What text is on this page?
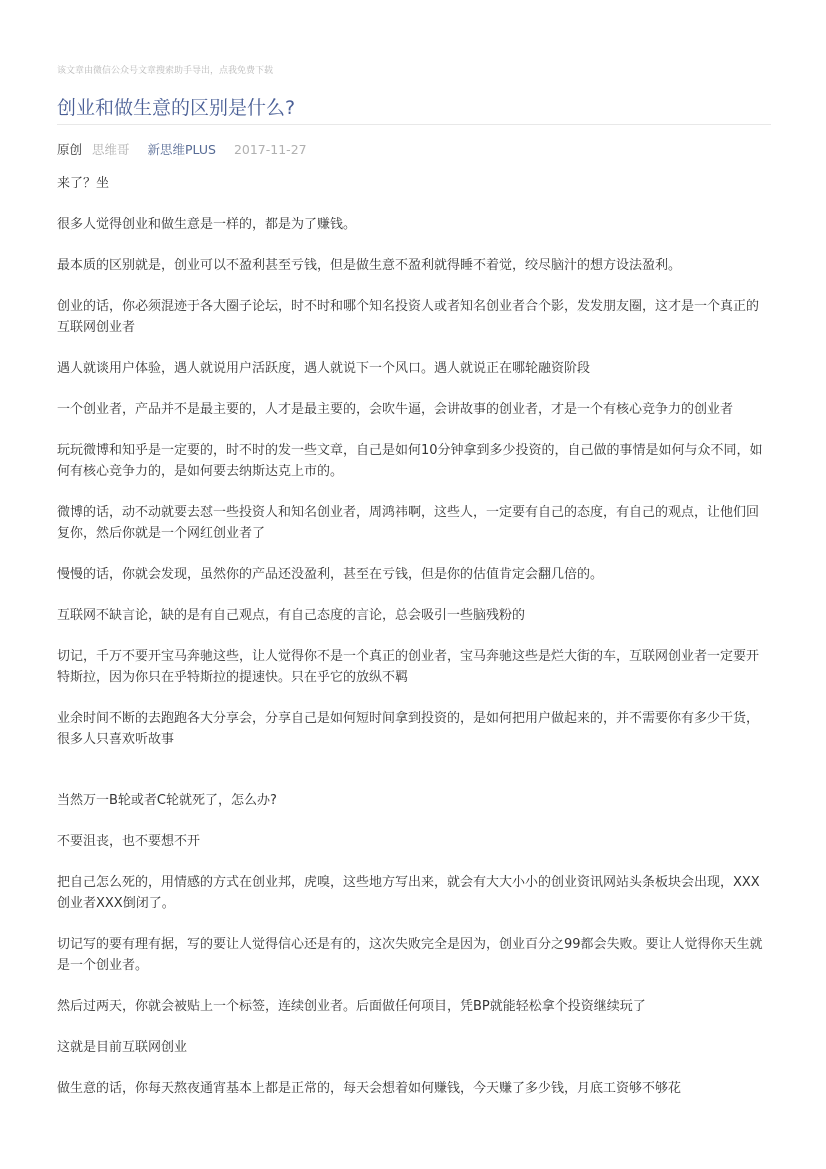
该文章由微信公众号文章搜索助手导出，点我免费下载
创业和做生意的区别是什么?
原创 思维哥 新思维PLUS 2017-11-27

来了？坐

很多人觉得创业和做生意是一样的，都是为了赚钱。

最本质的区别就是，创业可以不盈利甚至亏钱，但是做生意不盈利就得睡不着觉，绞尽脑汁的想方设法盈利。

创业的话，你必须混迹于各大圈子论坛，时不时和哪个知名投资人或者知名创业者合个影，发发朋友圈，这才是一个真正的互联网创业者

遇人就谈用户体验，遇人就说用户活跃度，遇人就说下一个风口。遇人就说正在哪轮融资阶段

一个创业者，产品并不是最主要的，人才是最主要的，会吹牛逼，会讲故事的创业者，才是一个有核心竞争力的创业者

玩玩微博和知乎是一定要的，时不时的发一些文章，自己是如何10分钟拿到多少投资的，自己做的事情是如何与众不同，如何有核心竞争力的，是如何要去纳斯达克上市的。

微博的话，动不动就要去怼一些投资人和知名创业者，周鸿祎啊，这些人，一定要有自己的态度，有自己的观点，让他们回复你，然后你就是一个网红创业者了

慢慢的话，你就会发现，虽然你的产品还没盈利，甚至在亏钱，但是你的估值肯定会翻几倍的。

互联网不缺言论，缺的是有自己观点，有自己态度的言论，总会吸引一些脑残粉的

切记，千万不要开宝马奔驰这些，让人觉得你不是一个真正的创业者，宝马奔驰这些是烂大街的车，互联网创业者一定要开特斯拉，因为你只在乎特斯拉的提速快。只在乎它的放纵不羁

业余时间不断的去跑跑各大分享会，分享自己是如何短时间拿到投资的，是如何把用户做起来的，并不需要你有多少干货，很多人只喜欢听故事

当然万一B轮或者C轮就死了，怎么办?

不要沮丧，也不要想不开

把自己怎么死的，用情感的方式在创业邦，虎嗅，这些地方写出来，就会有大大小小的创业资讯网站头条板块会出现，XXX创业者XXX倒闭了。

切记写的要有理有据，写的要让人觉得信心还是有的，这次失败完全是因为，创业百分之99都会失败。要让人觉得你天生就是一个创业者。

然后过两天，你就会被贴上一个标签，连续创业者。后面做任何项目，凭BP就能轻松拿个投资继续玩了

这就是目前互联网创业

做生意的话，你每天熬夜通宵基本上都是正常的，每天会想着如何赚钱，今天赚了多少钱，月底工资够不够花
